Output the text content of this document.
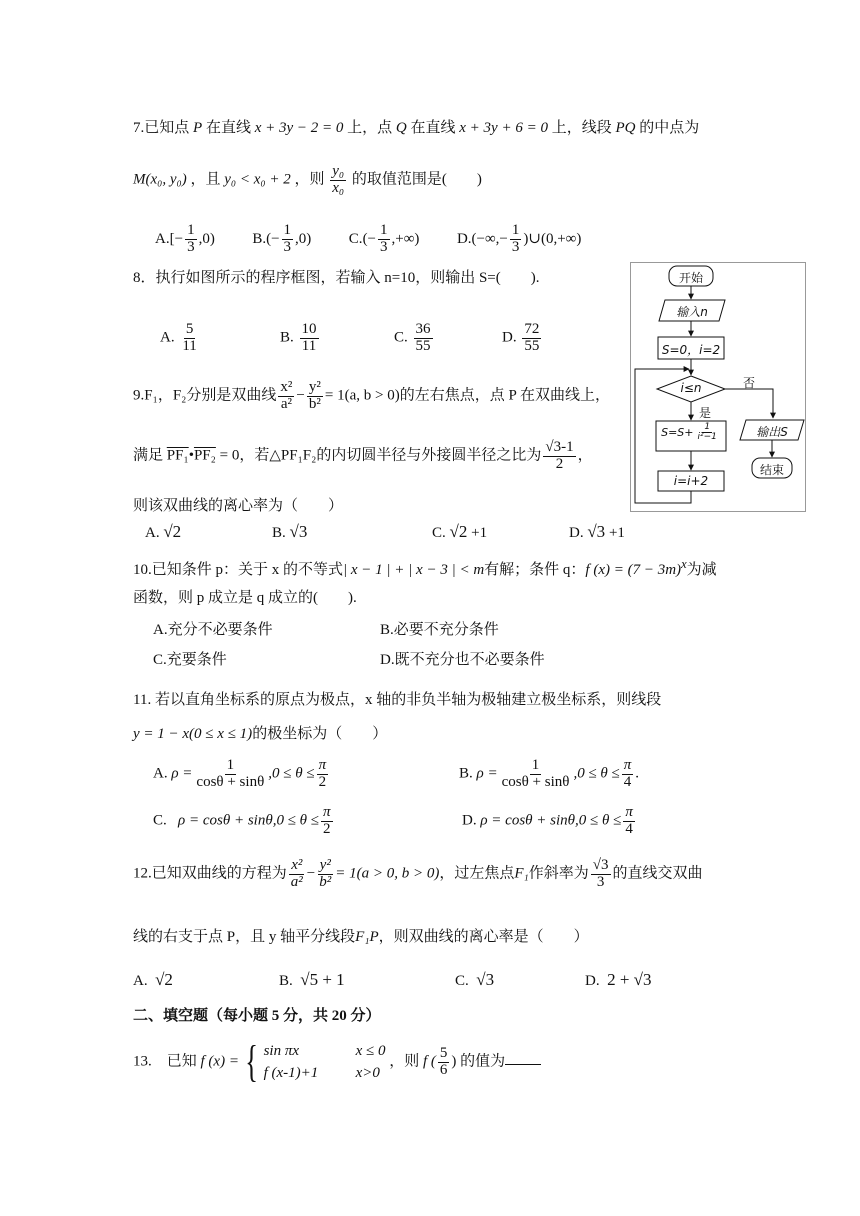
7.已知点 P 在直线 x + 3y − 2 = 0 上，点 Q 在直线 x + 3y + 6 = 0 上，线段 PQ 的中点为
M(x₀, y₀) ，且 y₀ < x₀ + 2 ，则 $\frac{\text{y₀}}{\text{x₀}}$ 的取值范围是(　　)
$A.[- \frac{1}{3} ,0)$	$B.(- \frac{1}{3} ,0)$	$C.(- \frac{1}{3}$ ,+∞)	$D.(-\infty,- \frac{1}{3}$ )∪(0,+∞)
8．执行如图所示的程序框图，若输入 n=10，则输出 S=(　　).
A. $\frac{5}{11}$	B. $\frac{10}{11}$	C. $\frac{36}{55}$	D. $\frac{72}{55}$
开始
输入n
S=0，i=2
i≤n	否
是
$S=S+ \frac{1}{\text{i²−1}}$
i=i+2
输出S
结束
9.F₁，F₂分别是双曲线 $\frac{\text{x²}}{\text{a²}} - \frac{\text{y²}}{\text{b²}} = 1(a$, b > 0)的左右焦点，点 P 在双曲线上，
满足 PF₁•PF₂ = 0，若△PF₁F₂的内切圆半径与外接圆半径之比为 $\frac{√3-1}{2}$ ，
则该双曲线的离心率为（　　）
A. √2	B. √3	C. √2 +1	D. √3 +1
10.已知条件 p：关于 x 的不等式| x − 1 | + | x − 3 | < m有解；条件 q：f $(x) = (7 - 3m)^x$为减
函数，则 p 成立是 q 成立的(　　).
A.充分不必要条件	B.必要不充分条件
C.充要条件	D.既不充分也不必要条件
11. 若以直角坐标系的原点为极点，x 轴的非负半轴为极轴建立极坐标系，则线段
y = 1 − x(0 ≤ x ≤ 1)的极坐标为（　　）
A. $\rho = \frac{1}{\cos\theta + \sin\theta} ,0 \le \theta \le \frac{\pi}{2}$	B. $\rho = \frac{1}{\cos\theta + \sin\theta} ,0 \le \theta \le \frac{\pi}{4}$ .
C. $\rho = \cos\theta + \sin\theta,0 \le \theta \le \frac{\pi}{2}$	D. $\rho = \cos\theta + \sin\theta,0 \le \theta \le \frac{\pi}{4}$
12.已知双曲线的方程为 $\frac{\text{x²}}{\text{a²}} - \frac{\text{y²}}{\text{b²}} = 1(a > 0$, b > 0)，过左焦点F₁作斜率为 $\frac{√3}{3}$ 的直线交双曲
线的右支于点 P，且 y 轴平分线段F₁P，则双曲线的离心率是（　　）
A. √2	B. √5 + 1	C. √3	D. 2 + √3
二、填空题（每小题 5 分，共 20 分）
13. 已知 f (x) = { sin πx	x ≤ 0
f (x-1)+1 x>0
，则 f ( $\frac{5}{6}$ ) 的值为
